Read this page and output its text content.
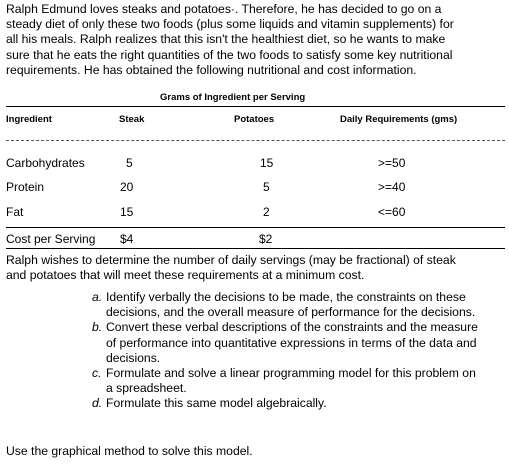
Ralph Edmund loves steaks and potatoes·. Therefore, he has decided to go on a
steady diet of only these two foods (plus some liquids and vitamin supplements) for
all his meals. Ralph realizes that this isn't the healthiest diet, so he wants to make
sure that he eats the right quantities of the two foods to satisfy some key nutritional
requirements. He has obtained the following nutritional and cost information.
Grams of Ingredient per Serving
Ingredient	Steak	Potatoes	Daily Requirements (gms)
Carbohydrates	5	15	>=50
Protein	20	5	>=40
Fat	15	2	<=60
Cost per Serving $4	$2
Ralph wishes to determine the number of daily servings (may be fractional) of steak
and potatoes that will meet these requirements at a minimum cost.
a. Identify verbally the decisions to be made, the constraints on these
decisions, and the overall measure of performance for the decisions.
b. Convert these verbal descriptions of the constraints and the measure
of performance into quantitative expressions in terms of the data and
decisions.
c. Formulate and solve a linear programming model for this problem on
a spreadsheet.
d. Formulate this same model algebraically.
Use the graphical method to solve this model.
